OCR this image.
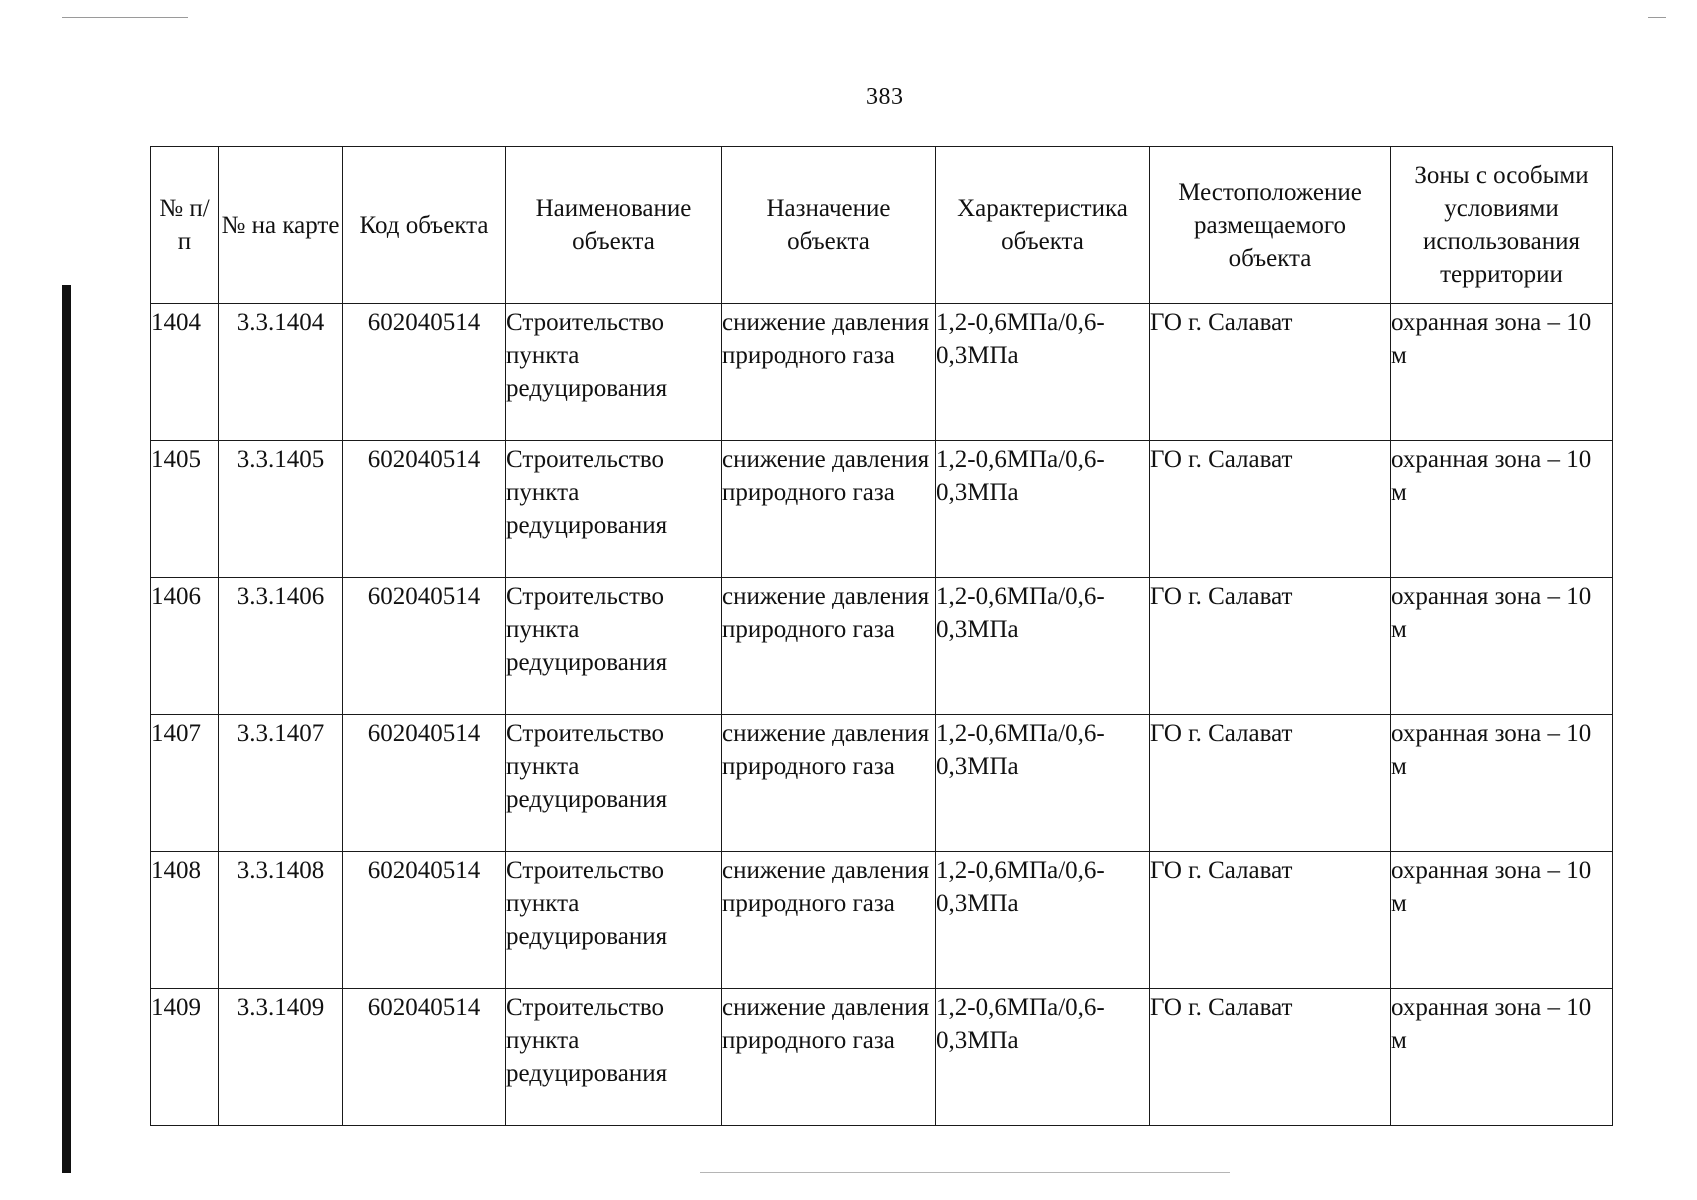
383
№ п/п	№ на карте	Код объекта	Наименование объекта	Назначение объекта	Характеристика объекта	Местоположение размещаемого объекта	Зоны с особыми условиями использования территории
1404	3.3.1404	602040514	Строительство пункта редуцирования	снижение давления природного газа	1,2-0,6МПа/0,6-0,3МПа	ГО г. Салават	охранная зона – 10 м
1405	3.3.1405	602040514	Строительство пункта редуцирования	снижение давления природного газа	1,2-0,6МПа/0,6-0,3МПа	ГО г. Салават	охранная зона – 10 м
1406	3.3.1406	602040514	Строительство пункта редуцирования	снижение давления природного газа	1,2-0,6МПа/0,6-0,3МПа	ГО г. Салават	охранная зона – 10 м
1407	3.3.1407	602040514	Строительство пункта редуцирования	снижение давления природного газа	1,2-0,6МПа/0,6-0,3МПа	ГО г. Салават	охранная зона – 10 м
1408	3.3.1408	602040514	Строительство пункта редуцирования	снижение давления природного газа	1,2-0,6МПа/0,6-0,3МПа	ГО г. Салават	охранная зона – 10 м
1409	3.3.1409	602040514	Строительство пункта редуцирования	снижение давления природного газа	1,2-0,6МПа/0,6-0,3МПа	ГО г. Салават	охранная зона – 10 м
